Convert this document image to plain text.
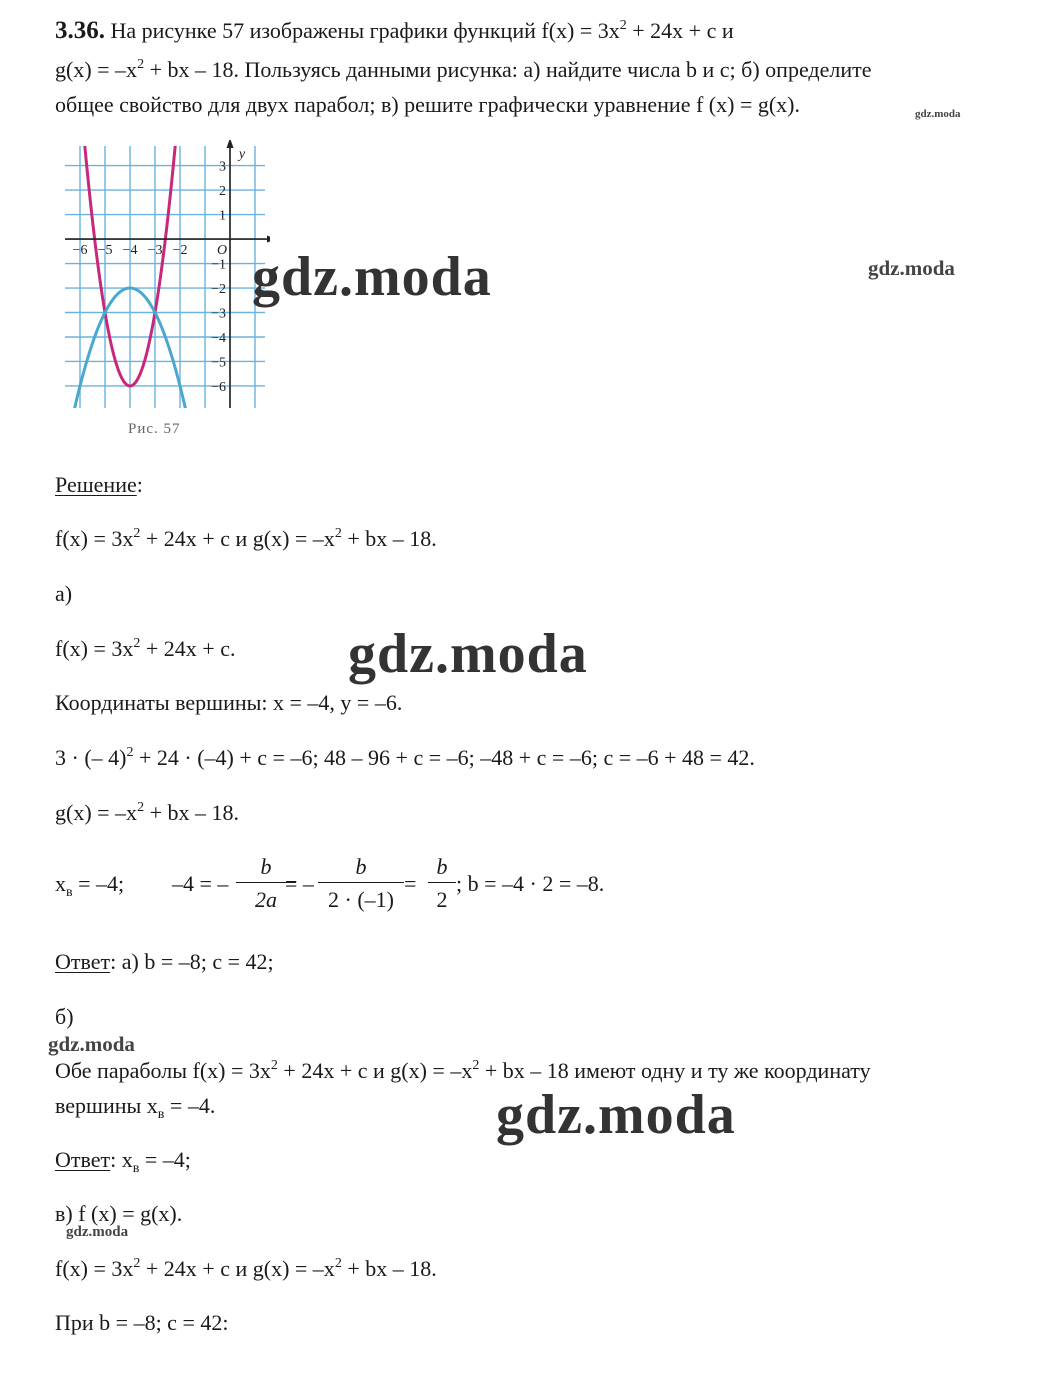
3.36. На рисунке 57 изображены графики функций $f(x) = 3x^2 + 24x + c$ и
$g(x) = -x^2$ + bx – 18. Пользуясь данными рисунка: а) найдите числа b и c; б) определите
общее свойство для двух парабол; в) решите графически уравнение f (x) = g(x).	gdz.moda
y
O
−6 −5 −4 −3 −2
3
2
1
−1
−2
−3
−4
−5
−6
Рис. 57
gdz.moda	gdz.moda
Решение:
$f(x) = 3x^2 + 24x + c$ и $g(x) = -x^2$ + bx – 18.
а)
$f(x) = 3x^2 + 24x + c$. gdz.moda
Координаты вершины: x = –4, y = –6.
3 · (– 4)$^2$ + 24 · (–4) + c = –6; 48 – 96 + c = –6; –48 + c = –6; c = –6 + 48 = 42.
$g(x) = -x^2$ + bx – 18.
$x_в = -4$; –4 = – $\frac{b}{2a}$
= – $\frac{b}{2 \cdot (-1)} = \frac{b}{2}$ ; b = –4 · 2 = –8.
Ответ: а) b = –8; c = 42;
б)
gdz.moda
Обе параболы $f(x) = 3x^2 + 24x + c$ и $g(x) = -x^2$ + bx – 18 имеют одну и ту же координату
вершины $x_в = -4$.	gdz.moda
Ответ: $x_в = -4$;
в) f (x) = g(x).
gdz.moda
$f(x) = 3x^2 + 24x + c$ и $g(x) = -x^2$ + bx – 18.
При b = –8; c = 42:
